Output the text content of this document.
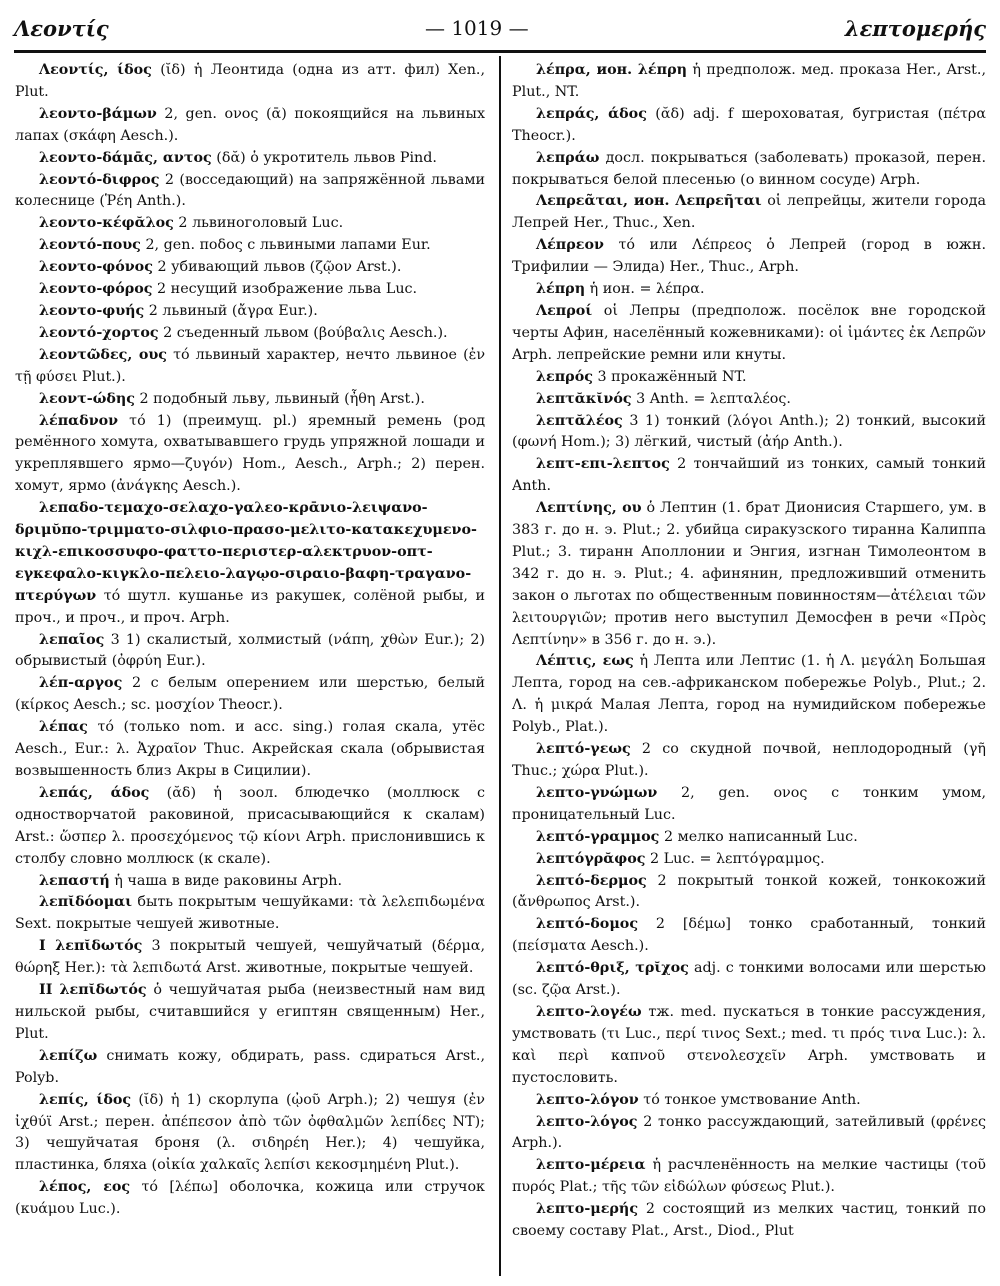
Λεοντίς	— 1019 —	λεπτομερής

Λεοντίς, ίδος (ῐδ) ἡ Леонтида (одна из атт. фил) Xen., Plut.

λεοντο-βάμων 2, gen. ονος (ᾱ) покоящийся на львиных лапах (σκάφη Aesch.).

λεοντο-δάμᾱς, αντος (δᾰ) ὁ укротитель львов Pind.

λεοντό-διφρος 2 (восседающий) на запряжённой львами колеснице (Ῥέη Anth.).

λεοντο-κέφᾰλος 2 львиноголовый Luc.

λεοντό-πους 2, gen. ποδος с львиными лапами Eur.

λεοντο-φόνος 2 убивающий львов (ζῷον Arst.).

λεοντο-φόρος 2 несущий изображение льва Luc.

λεοντο-φυής 2 львиный (ἄγρα Eur.).

λεοντό-χορτος 2 съеденный львом (βούβαλις Aesch.).

λεοντῶδες, ους τό львиный характер, нечто львиное (ἐν τῇ φύσει Plut.).

λεοντ-ώδης 2 подобный льву, львиный (ἦθη Arst.).

λέπαδνον τό 1) (преимущ. pl.) яремный ремень (род ремённого хомута, охватывавшего грудь упряжной лошади и укреплявшего ярмо—ζυγόν) Hom., Aesch., Arph.; 2) перен. хомут, ярмо (ἀνάγκης Aesch.).

λεπαδο-τεμαχο-σελαχο-γαλεο-κρᾱνιο-λειψανο-δριμῠπο-τριμματο-σιλφιο-πρασο-μελιτο-κατακεχυμενο-κιχλ-επικοσσυφο-φαττο-περιστερ-αλεκτρυον-οπτ-εγκεφαλο-κιγκλο-πελειο-λαγῳο-σιραιο-βαφη-τραγανο-πτερύγων τό шутл. кушанье из ракушек, солёной рыбы, и проч., и проч., и проч. Arph.

λεπαῖος 3 1) скалистый, холмистый (νάπη, χθὼν Eur.); 2) обрывистый (ὀφρύη Eur.).

λέπ-αργος 2 с белым оперением или шерстью, белый (κίρκος Aesch.; sc. μοσχίον Theocr.).

λέπας τό (только nom. и acc. sing.) голая скала, утёс Aesch., Eur.: λ. Ἀχραῖον Thuc. Акрейская скала (обрывистая возвышенность близ Акры в Сицилии).

λεπάς, άδος (ᾰδ) ἡ зоол. блюдечко (моллюск с одностворчатой раковиной, присасывающийся к скалам) Arst.: ὥσπερ λ. προσεχόμενος τῷ κίονι Arph. прислонившись к столбу словно моллюск (к скале).

λεπαστή ἡ чаша в виде раковины Arph.

λεπῐδόομαι быть покрытым чешуйками: τὰ λελεπιδωμένα Sext. покрытые чешуей животные.

I λεπῐδωτός 3 покрытый чешуей, чешуйчатый (δέρμα, θώρηξ Her.): τὰ λεπιδωτά Arst. животные, покрытые чешуей.

II λεπῐδωτός ὁ чешуйчатая рыба (неизвестный нам вид нильской рыбы, считавшийся у египтян священным) Her., Plut.

λεπίζω снимать кожу, обдирать, pass. сдираться Arst., Polyb.

λεπίς, ίδος (ῐδ) ἡ 1) скорлупа (ᾠοῦ Arph.); 2) чешуя (ἐν ἰχθύϊ Arst.; перен. ἀπέπεσον ἀπὸ τῶν ὀφθαλμῶν λεπίδες NT); 3) чешуйчатая броня (λ. σιδηρέη Her.); 4) чешуйка, пластинка, бляха (οἰκία χαλκαῖς λεπίσι κεκοσμημένη Plut.).

λέπος, εος τό [λέπω] оболочка, кожица или стручок (κυάμου Luc.).

λέπρα, ион. λέπρη ἡ предполож. мед. проказа Her., Arst., Plut., NT.

λεπράς, άδος (ᾰδ) adj. f шероховатая, бугристая (πέτρα Theocr.).

λεπράω досл. покрываться (заболевать) проказой, перен. покрываться белой плесенью (о винном сосуде) Arph.

Λεπρεᾶται, ион. Λεπρεῆται οἱ лепрейцы, жители города Лепрей Her., Thuc., Xen.

Λέπρεον τό или Λέπρεος ὁ Лепрей (город в южн. Трифилии — Элида) Her., Thuc., Arph.

λέπρη ἡ ион. = λέπρα.

Λεπροί οἱ Лепры (предполож. посёлок вне городской черты Афин, населённый кожевниками): οἱ ἱμάντες ἐκ Λεπρῶν Arph. лепрейские ремни или кнуты.

λεπρός 3 прокажённый NT.

λεπτᾰκῐνός 3 Anth. = λεπταλέος.

λεπτᾰλέος 3 1) тонкий (λόγοι Anth.); 2) тонкий, высокий (φωνή Hom.); 3) лёгкий, чистый (ἀήρ Anth.).

λεπτ-επι-λεπτος 2 тончайший из тонких, самый тонкий Anth.

Λεπτίνης, ου ὁ Лептин (1. брат Дионисия Старшего, ум. в 383 г. до н. э. Plut.; 2. убийца сиракузского тиранна Калиппа Plut.; 3. тиранн Аполлонии и Энгия, изгнан Тимолеонтом в 342 г. до н. э. Plut.; 4. афинянин, предложивший отменить закон о льготах по общественным повинностям—ἀτέλειαι τῶν λειτουργιῶν; против него выступил Демосфен в речи «Πρὸς Λεπτίνην» в 356 г. до н. э.).

Λέπτις, εως ἡ Лепта или Лептис (1. ἡ Λ. μεγάλη Большая Лепта, город на сев.-африканском побережье Polyb., Plut.; 2. Λ. ἡ μικρά Малая Лепта, город на нумидийском побережье Polyb., Plat.).

λεπτό-γεως 2 со скудной почвой, неплодородный (γῆ Thuc.; χώρα Plut.).

λεπτο-γνώμων 2, gen. ονος с тонким умом, проницательный Luc.

λεπτό-γραμμος 2 мелко написанный Luc.

λεπτόγρᾰφος 2 Luc. = λεπτόγραμμος.

λεπτό-δερμος 2 покрытый тонкой кожей, тонкокожий (ἄνθρωπος Arst.).

λεπτό-δομος 2 [δέμω] тонко сработанный, тонкий (πείσματα Aesch.).

λεπτό-θριξ, τρῐχος adj. с тонкими волосами или шерстью (sc. ζῷα Arst.).

λεπτο-λογέω тж. med. пускаться в тонкие рассуждения, умствовать (τι Luc., περί τινος Sext.; med. τι πρός τινα Luc.): λ. καὶ περὶ καπνοῦ στενολεσχεῖν Arph. умствовать и пустословить.

λεπτο-λόγον τό тонкое умствование Anth.

λεπτο-λόγος 2 тонко рассуждающий, затейливый (φρένες Arph.).

λεπτο-μέρεια ἡ расчленённость на мелкие частицы (τοῦ πυρός Plat.; τῆς τῶν εἰδώλων φύσεως Plut.).

λεπτο-μερής 2 состоящий из мелких частиц, тонкий по своему составу Plat., Arst., Diod., Plut
